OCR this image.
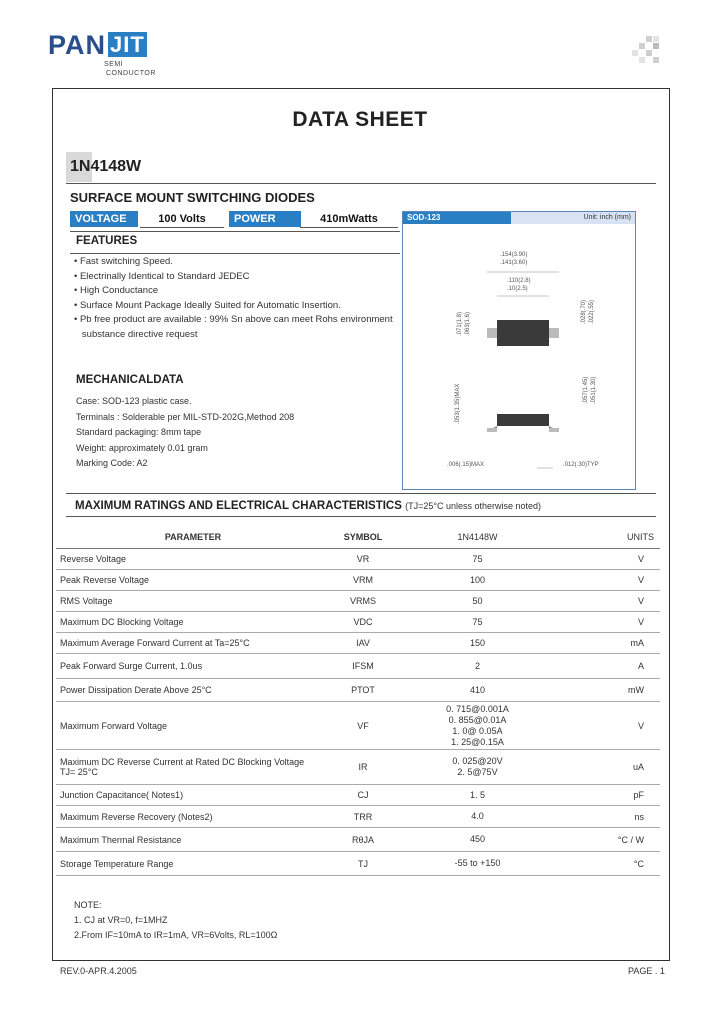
PAN JIT
SEMI
CONDUCTOR
DATA SHEET
1N4148W
SURFACE MOUNT SWITCHING DIODES
VOLTAGE	100 Volts	POWER	410mWatts
FEATURES
• Fast switching Speed.
• Electrinally Identical to Standard JEDEC
• High Conductance
• Surface Mount Package Ideally Suited for Automatic Insertion.
• Pb free product are available : 99% Sn above can meet Rohs environment
substance directive request
MECHANICALDATA
Case: SOD-123 plastic case.
Terminals : Solderable per MIL-STD-202G,Method 208
Standard packaging: 8mm tape
Weight: approximately 0.01 gram
Marking Code: A2
SOD-123	Unit: inch (mm)
.154(3.90)
.141(3.60)
.110(2.8)
.10(2.5)
.071(1.8) .063(1.6)	.028(.70) .022(.55)
.057(1.45) .051(1.30)
.053(1.35)MAX
.006(.15)MAX	.012(.30)TYP
MAXIMUM RATINGS AND ELECTRICAL CHARACTERISTICS (TJ=25°C unless otherwise noted)
PARAMETER	SYMBOL	1N4148W	UNITS
Reverse Voltage	VR	75	V
Peak Reverse Voltage	VRM	100	V
RMS Voltage	VRMS	50	V
Maximum DC Blocking Voltage	VDC	75	V
Maximum Average Forward Current at Ta=25°C	IAV	150	mA
Peak Forward Surge Current, 1.0us	IFSM	2	A
Power Dissipation Derate Above 25°C	PTOT	410	mW
Maximum Forward Voltage	VF	0. 715@0.001A
0. 855@0.01A
1. 0@ 0.05A
1. 25@0.15A	V
Maximum DC Reverse Current at Rated DC Blocking Voltage
TJ= 25°C	IR	0. 025@20V
2. 5@75V	uA
Junction Capacitance( Notes1)	CJ	1. 5	pF
Maximum Reverse Recovery (Notes2)	TRR	4.0	ns
Maximum Thermal Resistance	RθJA	450	°C / W
Storage Temperature Range	TJ	-55 to +150	°C
NOTE:
1. CJ at VR=0, f=1MHZ
2.From IF=10mA to IR=1mA, VR=6Volts, RL=100Ω
REV.0-APR.4.2005	PAGE . 1
